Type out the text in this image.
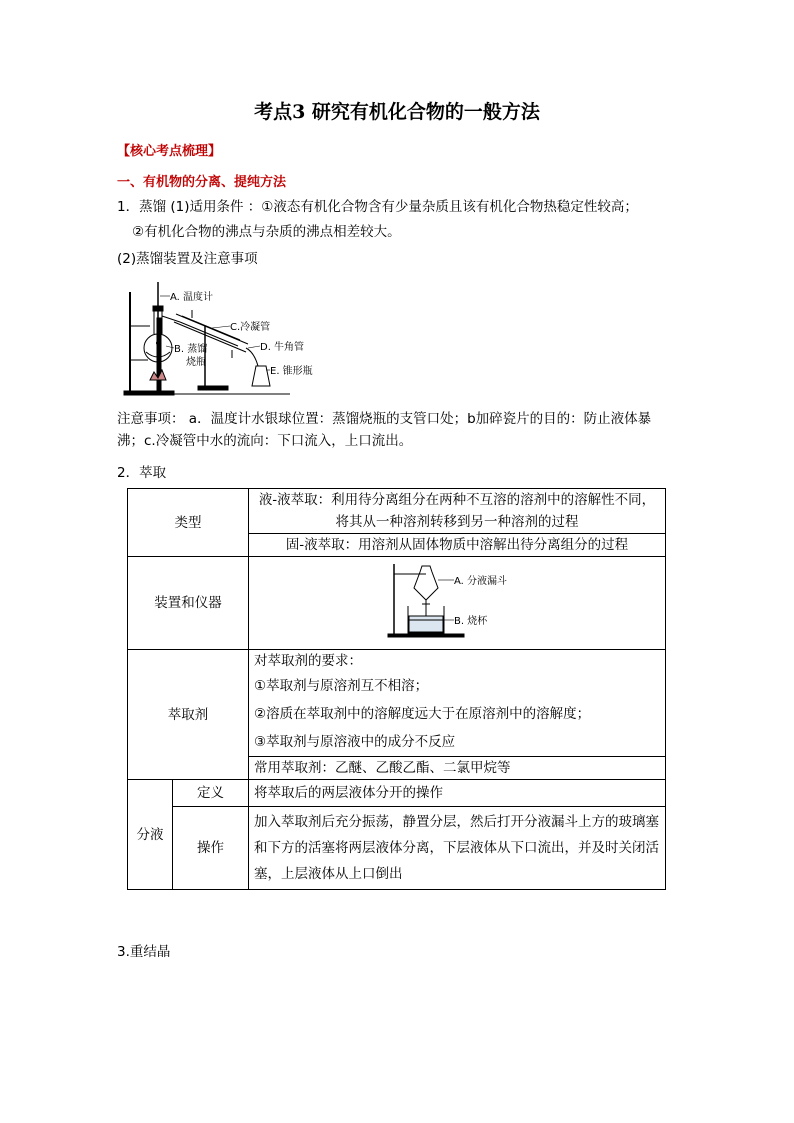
考点3 研究有机化合物的一般方法
【核心考点梳理】
一、有机物的分离、提纯方法
1．蒸馏 (1)适用条件 ：①液态有机化合物含有少量杂质且该有机化合物热稳定性较高；
②有机化合物的沸点与杂质的沸点相差较大。
(2)蒸馏装置及注意事项
A. 温度计
C.冷凝管
B. 蒸馏
烧瓶
D. 牛角管
E. 锥形瓶
注意事项： a．温度计水银球位置：蒸馏烧瓶的支管口处；b加碎瓷片的目的：防止液体暴沸；c.冷凝管中水的流向：下口流入，上口流出。
2．萃取
类型		液-液萃取：利用待分离组分在两种不互溶的溶剂中的溶解性不同，将其从一种溶剂转移到另一种溶剂的过程
固-液萃取：用溶剂从固体物质中溶解出待分离组分的过程

装置和仪器		A. 分液漏斗
B. 烧杯

萃取剂		对萃取剂的要求：
①萃取剂与原溶剂互不相溶；
②溶质在萃取剂中的溶解度远大于在原溶剂中的溶解度；
③萃取剂与原溶液中的成分不反应
常用萃取剂：乙醚、乙酸乙酯、二氯甲烷等

分液	定义	将萃取后的两层液体分开的操作
	操作	加入萃取剂后充分振荡，静置分层，然后打开分液漏斗上方的玻璃塞和下方的活塞将两层液体分离，下层液体从下口流出，并及时关闭活塞，上层液体从上口倒出
3.重结晶
